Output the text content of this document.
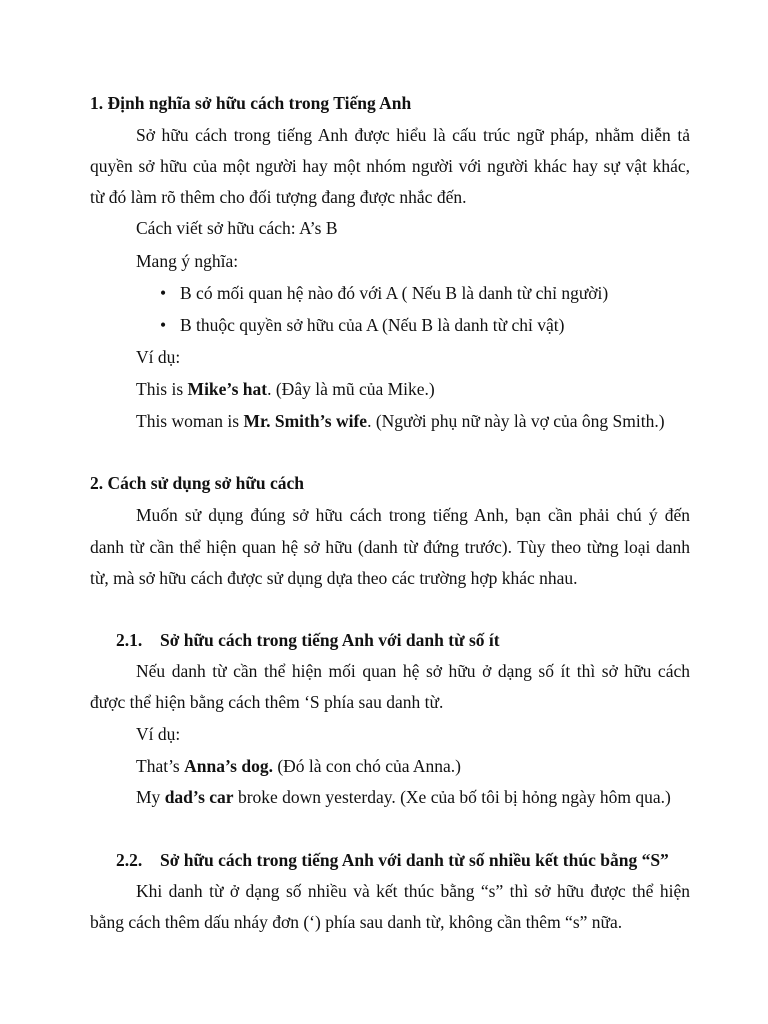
1. Định nghĩa sở hữu cách trong Tiếng Anh
Sở hữu cách trong tiếng Anh được hiểu là cấu trúc ngữ pháp, nhằm diễn tả
quyền sở hữu của một người hay một nhóm người với người khác hay sự vật khác,
từ đó làm rõ thêm cho đối tượng đang được nhắc đến.
Cách viết sở hữu cách: A’s B
Mang ý nghĩa:
• B có mối quan hệ nào đó với A ( Nếu B là danh từ chỉ người)
• B thuộc quyền sở hữu của A (Nếu B là danh từ chỉ vật)
Ví dụ:
This is Mike’s hat. (Đây là mũ của Mike.)
This woman is Mr. Smith’s wife. (Người phụ nữ này là vợ của ông Smith.)
2. Cách sử dụng sở hữu cách
Muốn sử dụng đúng sở hữu cách trong tiếng Anh, bạn cần phải chú ý đến
danh từ cần thể hiện quan hệ sở hữu (danh từ đứng trước). Tùy theo từng loại danh
từ, mà sở hữu cách được sử dụng dựa theo các trường hợp khác nhau.
2.1. Sở hữu cách trong tiếng Anh với danh từ số ít
Nếu danh từ cần thể hiện mối quan hệ sở hữu ở dạng số ít thì sở hữu cách
được thể hiện bằng cách thêm ‘S phía sau danh từ.
Ví dụ:
That’s Anna’s dog. (Đó là con chó của Anna.)
My dad’s car broke down yesterday. (Xe của bố tôi bị hỏng ngày hôm qua.)
2.2. Sở hữu cách trong tiếng Anh với danh từ số nhiều kết thúc bằng “S”
Khi danh từ ở dạng số nhiều và kết thúc bằng “s” thì sở hữu được thể hiện
bằng cách thêm dấu nháy đơn (‘) phía sau danh từ, không cần thêm “s” nữa.
